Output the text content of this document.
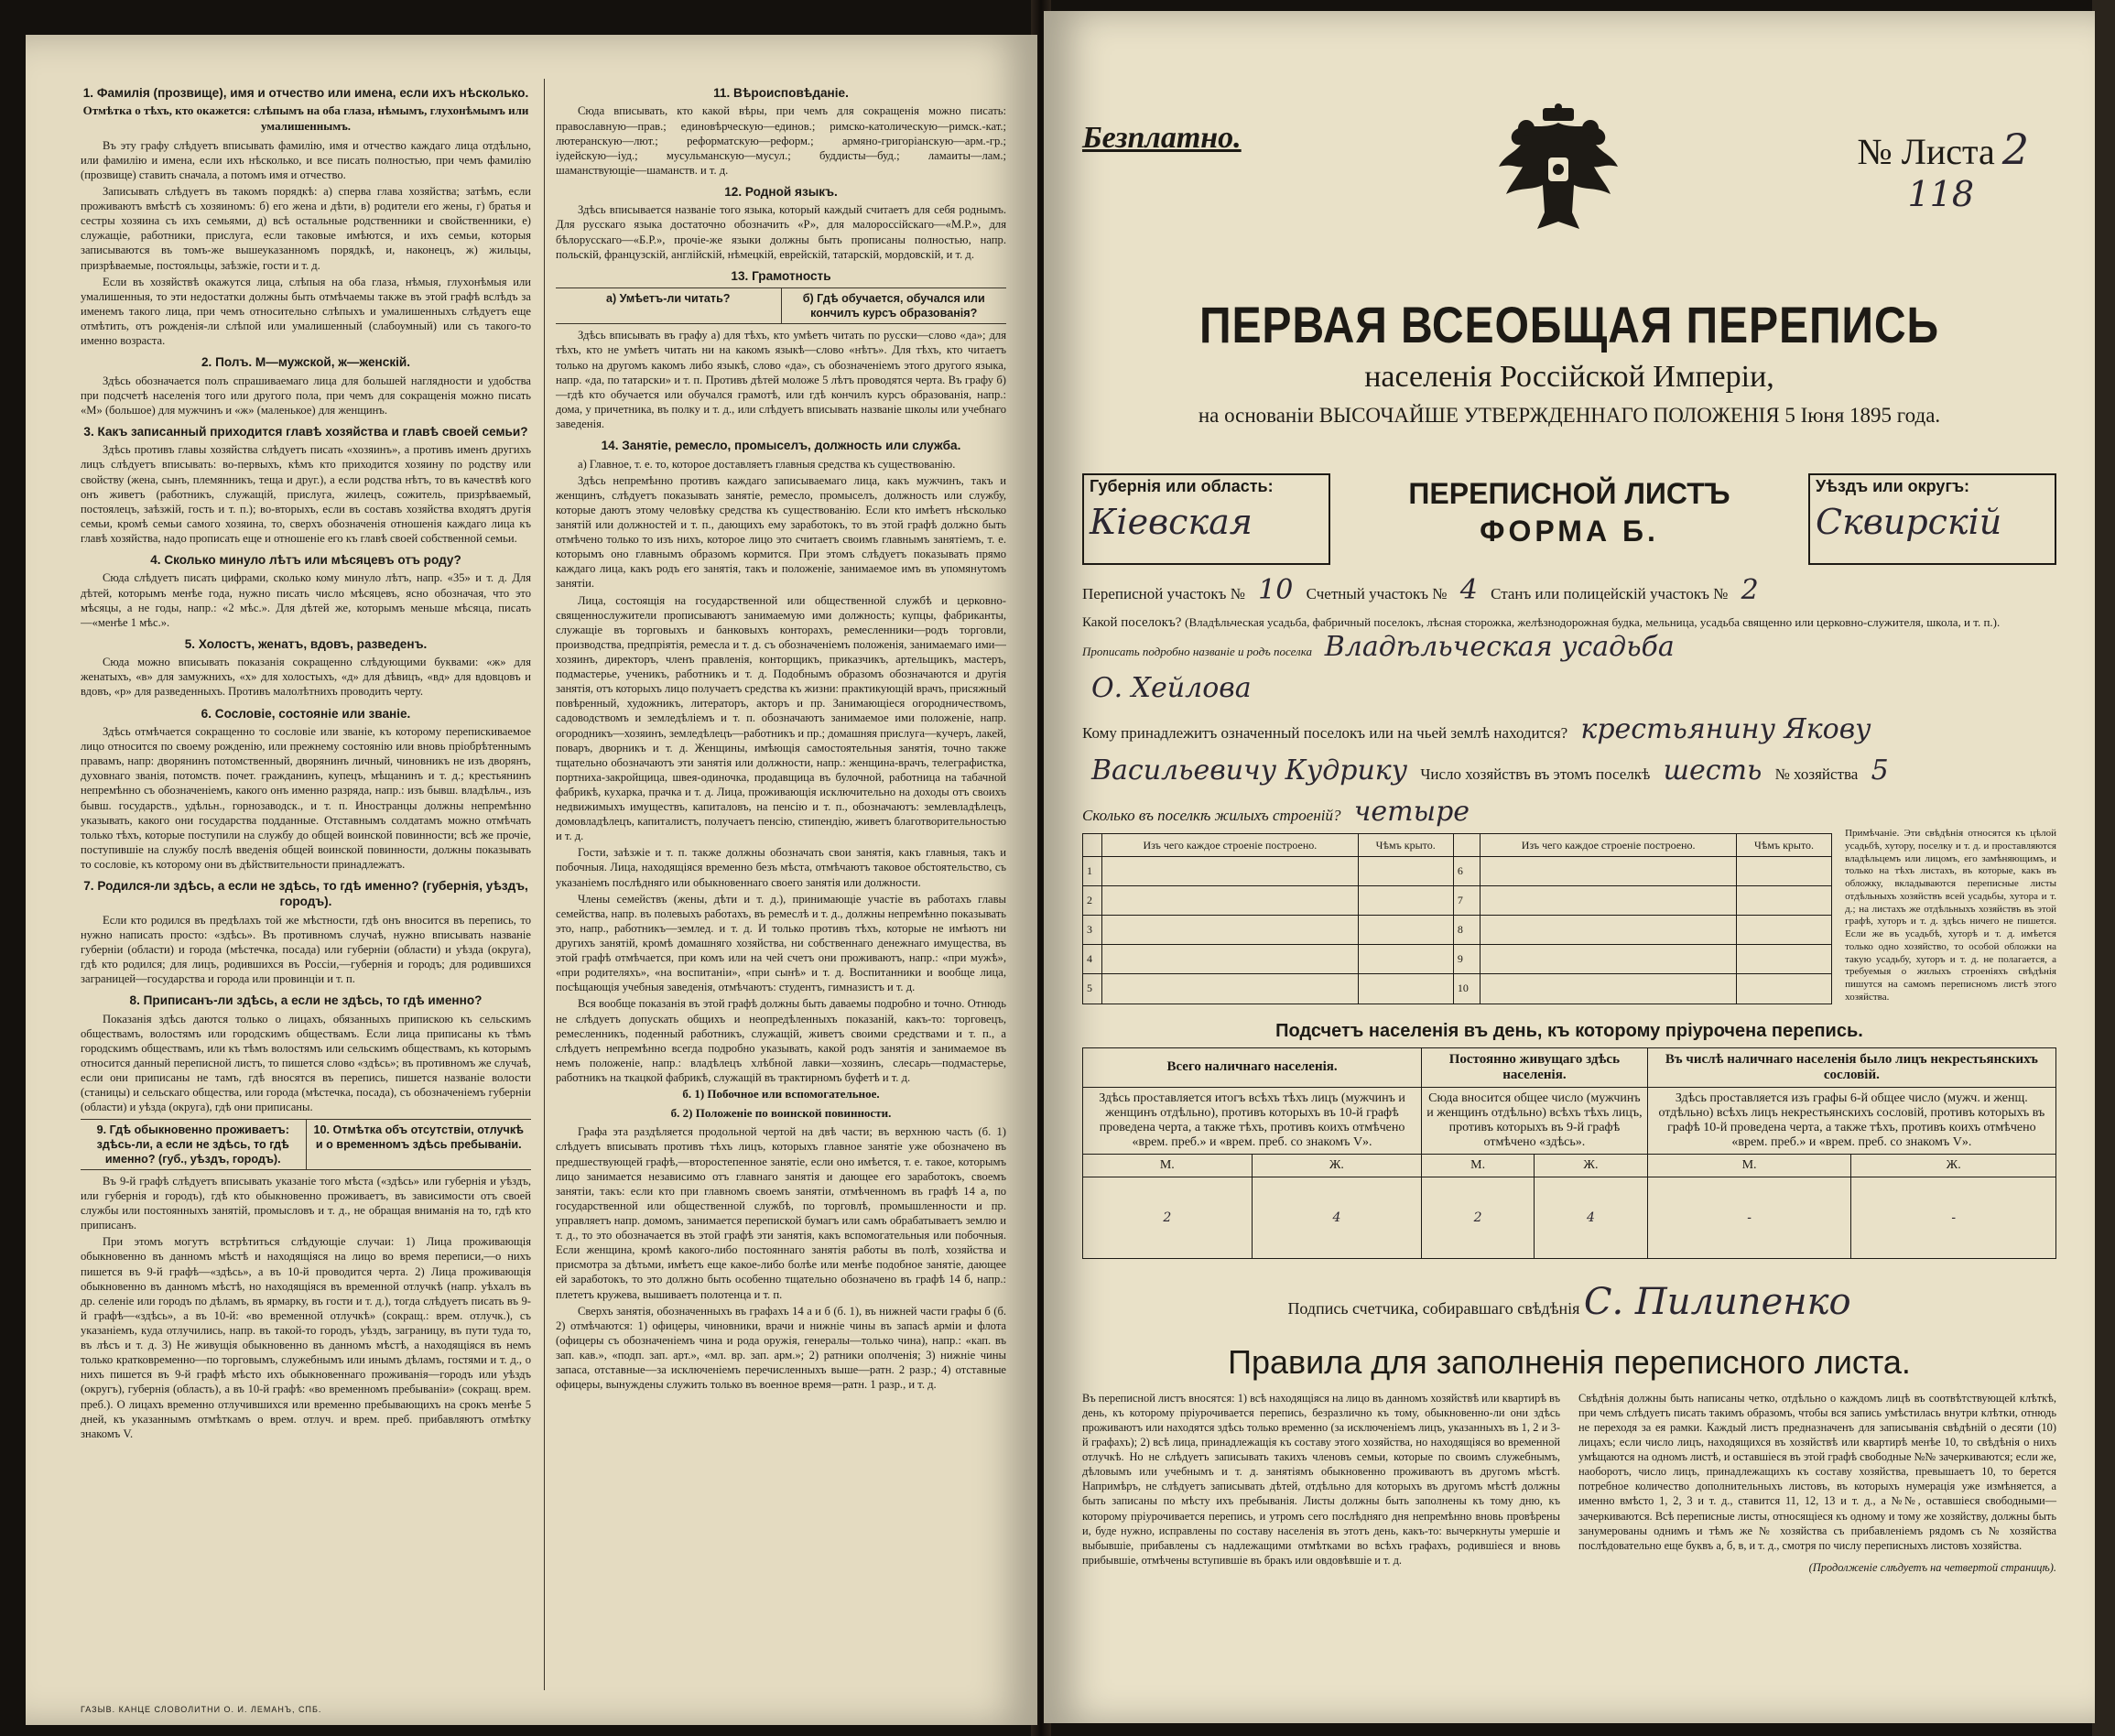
1. Фамилія (прозвище), имя и отчество или имена, если ихъ нѣсколько.
Отмѣтка о тѣхъ, кто окажется: слѣпымъ на оба глаза, нѣмымъ, глухонѣмымъ или умалишеннымъ.
Въ эту графу слѣдуетъ вписывать фамилію, имя и отчество каждаго лица отдѣльно, или фамилію и имена, если ихъ нѣсколько, и все писать полностью, при чемъ фамилію (прозвище) ставить сначала, а потомъ имя и отчество.
Записывать слѣдуетъ въ такомъ порядкѣ: а) сперва глава хозяйства; затѣмъ, если проживаютъ вмѣстѣ съ хозяиномъ: б) его жена и дѣти, в) родители его жены, г) братья и сестры хозяина съ ихъ семьями, д) всѣ остальные родственники и свойственники, е) служащіе, работники, прислуга, если таковые имѣются, и ихъ семьи, которыя записываются въ томъ-же вышеуказанномъ порядкѣ, и, наконецъ, ж) жильцы, призрѣваемые, постояльцы, заѣзжіе, гости и т. д.
Если въ хозяйствѣ окажутся лица, слѣпыя на оба глаза, нѣмыя, глухонѣмыя или умалишенныя, то эти недостатки должны быть отмѣчаемы также въ этой графѣ вслѣдъ за именемъ такого лица, при чемъ относительно слѣпыхъ и умалишенныхъ слѣдуетъ еще отмѣтить, отъ рожденія-ли слѣпой или умалишенный (слабоумный) или съ такого-то именно возраста.
2. Полъ. М—мужской, ж—женскій.
Здѣсь обозначается полъ спрашиваемаго лица для большей наглядности и удобства при подсчетѣ населенія того или другого пола, при чемъ для сокращенія можно писать «М» (большое) для мужчинъ и «ж» (маленькое) для женщинъ.
3. Какъ записанный приходится главѣ хозяйства и главѣ своей семьи?
Здѣсь противъ главы хозяйства слѣдуетъ писать «хозяинъ», а противъ именъ другихъ лицъ слѣдуетъ вписывать: во-первыхъ, кѣмъ кто приходится хозяину по родству или свойству (жена, сынъ, племянникъ, теща и друг.), а если родства нѣтъ, то въ качествѣ кого онъ живетъ (работникъ, служащій, прислуга, жилецъ, сожитель, призрѣваемый, постоялецъ, заѣзжій, гость и т. п.); во-вторыхъ, если въ составъ хозяйства входятъ другія семьи, кромѣ семьи самого хозяина, то, сверхъ обозначенія отношенія каждаго лица къ главѣ хозяйства, надо прописать еще и отношеніе его къ главѣ своей собственной семьи.
4. Сколько минуло лѣтъ или мѣсяцевъ отъ роду?
Сюда слѣдуетъ писать цифрами, сколько кому минуло лѣтъ, напр. «35» и т. д. Для дѣтей, которымъ менѣе года, нужно писать число мѣсяцевъ, ясно обозначая, что это мѣсяцы, а не годы, напр.: «2 мѣс.». Для дѣтей же, которымъ меньше мѣсяца, писать—«менѣе 1 мѣс.».
5. Холостъ, женатъ, вдовъ, разведенъ.
Сюда можно вписывать показанія сокращенно слѣдующими буквами: «ж» для женатыхъ, «в» для замужнихъ, «х» для холостыхъ, «д» для дѣвицъ, «вд» для вдовцовъ и вдовъ, «р» для разведенныхъ. Противъ малолѣтнихъ проводить черту.
6. Сословіе, состояніе или званіе.
Здѣсь отмѣчается сокращенно то сословіе или званіе, къ которому перепискиваемое лицо относится по своему рожденію, или прежнему состоянію или вновь пріобрѣтеннымъ правамъ, напр: дворянинъ потомственный, дворянинъ личный, чиновникъ не изъ дворянъ, духовнаго званія, потомств. почет. гражданинъ, купецъ, мѣщанинъ и т. д.; крестьянинъ непремѣнно съ обозначеніемъ, какого онъ именно разряда, напр.: изъ бывш. владѣльч., изъ бывш. государств., удѣльн., горнозаводск., и т. п. Иностранцы должны непремѣнно указывать, какого они государства подданные. Отставнымъ солдатамъ можно отмѣчать только тѣхъ, которые поступили на службу до общей воинской повинности; всѣ же прочіе, поступившіе на службу послѣ введенія общей воинской повинности, должны показывать то сословіе, къ которому они въ дѣйствительности принадлежатъ.
7. Родился-ли здѣсь, а если не здѣсь, то гдѣ именно? (губернія, уѣздъ, городъ).
Если кто родился въ предѣлахъ той же мѣстности, гдѣ онъ вносится въ перепись, то нужно написать просто: «здѣсь». Въ противномъ случаѣ, нужно вписывать названіе губерніи (области) и города (мѣстечка, посада) или губерніи (области) и уѣзда (округа), гдѣ кто родился; для лицъ, родившихся въ Россіи,—губернія и городъ; для родившихся заграницей—государства и города или провинціи и т. п.
8. Приписанъ-ли здѣсь, а если не здѣсь, то гдѣ именно?
Показанія здѣсь даются только о лицахъ, обязанныхъ припискою къ сельскимъ обществамъ, волостямъ или городскимъ обществамъ. Если лица приписаны къ тѣмъ городскимъ обществамъ, или къ тѣмъ волостямъ или сельскимъ обществамъ, къ которымъ относится данный переписной листъ, то пишется слово «здѣсь»; въ противномъ же случаѣ, если они приписаны не тамъ, гдѣ вносятся въ перепись, пишется названіе волости (станицы) и сельскаго общества, или города (мѣстечка, посада), съ обозначеніемъ губерніи (области) и уѣзда (округа), гдѣ они приписаны.
9. Гдѣ обыкновенно проживаетъ: здѣсь-ли, а если не здѣсь, то гдѣ именно? (губ., уѣздъ, городъ).
10. Отмѣтка объ отсутствіи, отлучкѣ и о временномъ здѣсь пребываніи.
Въ 9-й графѣ слѣдуетъ вписывать указаніе того мѣста («здѣсь» или губернія и уѣздъ, или губернія и городъ), гдѣ кто обыкновенно проживаетъ, въ зависимости отъ своей службы или постоянныхъ занятій, промысловъ и т. д., не обращая вниманія на то, гдѣ кто приписанъ.
При этомъ могутъ встрѣтиться слѣдующіе случаи: 1) Лица проживающія обыкновенно въ данномъ мѣстѣ и находящіяся на лицо во время переписи,—о нихъ пишется въ 9-й графѣ—«здѣсь», а въ 10-й проводится черта. 2) Лица проживающія обыкновенно въ данномъ мѣстѣ, но находящіяся въ временной отлучкѣ (напр. уѣхалъ въ др. селеніе или городъ по дѣламъ, въ ярмарку, въ гости и т. д.), тогда слѣдуетъ писать въ 9-й графѣ—«здѣсь», а въ 10-й: «во временной отлучкѣ» (сокращ.: врем. отлучк.), съ указаніемъ, куда отлучились, напр. въ такой-то городъ, уѣздъ, заграницу, въ пути туда то, въ лѣсъ и т. д. 3) Не живущія обыкновенно въ данномъ мѣстѣ, а находящіяся въ немъ только кратковременно—по торговымъ, служебнымъ или инымъ дѣламъ, гостями и т. д., о нихъ пишется въ 9-й графѣ мѣсто ихъ обыкновеннаго проживанія—городъ или уѣздъ (округъ), губернія (область), а въ 10-й графѣ: «во временномъ пребываніи» (сокращ. врем. преб.). О лицахъ временно отлучившихся или временно пребывающихъ на срокъ менѣе 5 дней, къ указаннымъ отмѣткамъ о врем. отлуч. и врем. преб. прибавляютъ отмѣтку знакомъ V.
11. Вѣроисповѣданіе.
Сюда вписывать, кто какой вѣры, при чемъ для сокращенія можно писать: православную—прав.; единовѣрческую—единов.; римско-католическую—римск.-кат.; лютеранскую—лют.; реформатскую—реформ.; армяно-григоріанскую—арм.-гр.; іудейскую—іуд.; мусульманскую—мусул.; буддисты—буд.; ламаиты—лам.; шаманствующіе—шаманств. и т. д.
12. Родной языкъ.
Здѣсь вписывается названіе того языка, который каждый считаетъ для себя роднымъ. Для русскаго языка достаточно обозначить «Р», для малороссійскаго—«М.Р.», для бѣлорусскаго—«Б.Р.», прочіе-же языки должны быть прописаны полностью, напр. польскій, французскій, англійскій, нѣмецкій, еврейскій, татарскій, мордовскій, и т. д.
13. Грамотность
а) Умѣетъ-ли читать?	б) Гдѣ обучается, обучался или кончилъ курсъ образованія?
Здѣсь вписывать въ графу а) для тѣхъ, кто умѣетъ читать по русски—слово «да»; для тѣхъ, кто не умѣетъ читать ни на какомъ языкѣ—слово «нѣтъ». Для тѣхъ, кто читаетъ только на другомъ какомъ либо языкѣ, слово «да», съ обозначеніемъ этого другого языка, напр. «да, по татарски» и т. п. Противъ дѣтей моложе 5 лѣтъ проводятся черта. Въ графу б)—гдѣ кто обучается или обучался грамотѣ, или гдѣ кончилъ курсъ образованія, напр.: дома, у причетника, въ полку и т. д., или слѣдуетъ вписывать названіе школы или учебнаго заведенія.
14. Занятіе, ремесло, промыселъ, должность или служба.
а) Главное, т. е. то, которое доставляетъ главныя средства къ существованію.
Здѣсь непремѣнно противъ каждаго записываемаго лица, какъ мужчинъ, такъ и женщинъ, слѣдуетъ показывать занятіе, ремесло, промыселъ, должность или службу, которые даютъ этому человѣку средства къ существованію. Если кто имѣетъ нѣсколько занятій или должностей и т. п., дающихъ ему заработокъ, то въ этой графѣ должно быть отмѣчено только то изъ нихъ, которое лицо это считаетъ своимъ главнымъ занятіемъ, т. е. которымъ оно главнымъ образомъ кормится. При этомъ слѣдуетъ показывать прямо каждаго лица, какъ родъ его занятія, такъ и положеніе, занимаемое имъ въ упомянутомъ занятіи.
Лица, состоящія на государственной или общественной службѣ и церковно-священнослужители прописываютъ занимаемую ими должность; купцы, фабриканты, служащіе въ торговыхъ и банковыхъ конторахъ, ремесленники—родъ торговли, производства, предпріятія, ремесла и т. д. съ обозначеніемъ положенія, занимаемаго ими—хозяинъ, директоръ, членъ правленія, конторщикъ, приказчикъ, артельщикъ, мастеръ, подмастерье, ученикъ, работникъ и т. д. Подобнымъ образомъ обозначаются и другія занятія, отъ которыхъ лицо получаетъ средства къ жизни: практикующій врачъ, присяжный повѣренный, художникъ, литераторъ, акторъ и пр. Занимающіеся огородничествомъ, садоводствомъ и земледѣліемъ и т. п. обозначаютъ занимаемое ими положеніе, напр. огородникъ—хозяинъ, земледѣлецъ—работникъ и пр.; домашняя прислуга—кучеръ, лакей, поваръ, дворникъ и т. д. Женщины, имѣющія самостоятельныя занятія, точно также тщательно обозначаютъ эти занятія или должности, напр.: женщина-врачъ, телеграфистка, портниха-закройщица, швея-одиночка, продавщица въ булочной, работница на табачной фабрикѣ, кухарка, прачка и т. д. Лица, проживающія исключительно на доходы отъ своихъ недвижимыхъ имуществъ, капиталовъ, на пенсію и т. п., обозначаютъ: землевладѣлецъ, домовладѣлецъ, капиталистъ, получаетъ пенсію, стипендію, живетъ благотворительностью и т. д.
Гости, заѣзжіе и т. п. также должны обозначать свои занятія, какъ главныя, такъ и побочныя. Лица, находящіяся временно безъ мѣста, отмѣчаютъ таковое обстоятельство, съ указаніемъ послѣдняго или обыкновеннаго своего занятія или должности.
Члены семействъ (жены, дѣти и т. д.), принимающіе участіе въ работахъ главы семейства, напр. въ полевыхъ работахъ, въ ремеслѣ и т. д., должны непремѣнно показывать это, напр., работникъ—землед. и т. д. И только противъ тѣхъ, которые не имѣютъ ни другихъ занятій, кромѣ домашняго хозяйства, ни собственнаго денежнаго имущества, въ этой графѣ отмѣчается, при комъ или на чей счетъ они проживаютъ, напр.: «при мужѣ», «при родителяхъ», «на воспитаніи», «при сынѣ» и т. д. Воспитанники и вообще лица, посѣщающія учебныя заведенія, отмѣчаютъ: студентъ, гимназистъ и т. д.
Вся вообще показанія въ этой графѣ должны быть даваемы подробно и точно. Отнюдь не слѣдуетъ допускать общихъ и неопредѣленныхъ показаній, какъ-то: торговецъ, ремесленникъ, поденный работникъ, служащій, живетъ своими средствами и т. п., а слѣдуетъ непремѣнно всегда подробно указывать, какой родъ занятія и занимаемое въ немъ положеніе, напр.: владѣлецъ хлѣбной лавки—хозяинъ, слесарь—подмастерье, работникъ на ткацкой фабрикѣ, служащій въ трактирномъ буфетѣ и т. д.
б. 1) Побочное или вспомогательное.
б. 2) Положеніе по воинской повинности.
Графа эта раздѣляется продольной чертой на двѣ части; въ верхнюю часть (б. 1) слѣдуетъ вписывать противъ тѣхъ лицъ, которыхъ главное занятіе уже обозначено въ предшествующей графѣ,—второстепенное занятіе, если оно имѣется, т. е. такое, которымъ лицо занимается независимо отъ главнаго занятія и дающее его заработокъ, своемъ занятіи, такъ: если кто при главномъ своемъ занятіи, отмѣченномъ въ графѣ 14 а, по государственной или общественной службѣ, по торговлѣ, промышленности и пр. управляетъ напр. домомъ, занимается перепиской бумагъ или самъ обрабатываетъ землю и т. д., то это обозначается въ этой графѣ эти занятія, какъ вспомогательныя или побочныя. Если женщина, кромѣ какого-либо постояннаго занятія работы въ полѣ, хозяйства и присмотра за дѣтьми, имѣетъ еще какое-либо болѣе или менѣе подобное занятіе, дающее ей заработокъ, то это должно быть особенно тщательно обозначено въ графѣ 14 б, напр.: плететъ кружева, вышиваетъ полотенца и т. п.
Сверхъ занятія, обозначенныхъ въ графахъ 14 а и б (б. 1), въ нижней части графы б (б. 2) отмѣчаются: 1) офицеры, чиновники, врачи и нижніе чины въ запасѣ армiи и флота (офицеры съ обозначеніемъ чина и рода оружія, генералы—только чина), напр.: «кап. въ зап. кав.», «подп. зап. арт.», «мл. вр. зап. арм.»; 2) ратники ополченія; 3) нижніе чины запаса, отставные—за исключеніемъ перечисленныхъ выше—ратн. 2 разр.; 4) отставные офицеры, вынуждены служить только въ военное время—ратн. 1 разр., и т. д.
ГАЗЫВ. КАНЦЕ СЛОВОЛИТНИ О. И. ЛЕМАНЪ, СПБ.
Безплатно.	№ Листа 2
118
ПЕРВАЯ ВСЕОБЩАЯ ПЕРЕПИСЬ
населенія Россійской Имперіи,
на основаніи ВЫСОЧАЙШЕ УТВЕРЖДЕННАГО ПОЛОЖЕНІЯ 5 Іюня 1895 года.
Губернія или область:
Кіевская
ПЕРЕПИСНОЙ ЛИСТЪ
ФОРМА Б.
Уѣздъ или округъ:
Сквирскій
Переписной участокъ № 10 Счетный участокъ № 4 Станъ или полицейскій участокъ № 2
Какой поселокъ? (Владѣльческая усадьба, фабричный поселокъ, лѣсная сторожка, желѣзнодорожная будка, мельница, усадьба священно или церковно-служителя, школа, и т. п.). Прописать подробно названіе и родъ поселка Владѣльческая усадьба
О. Хейлова
Кому принадлежитъ означенный поселокъ или на чьей землѣ находится? крестьянину Якову
Васильевичу Кудрику Число хозяйствъ въ этомъ поселкѣ шесть № хозяйства 5
Сколько въ поселкѣ жилыхъ строеній? четыре
	Изъ чего каждое строеніе построено.	Чѣмъ крыто.		Изъ чего каждое строеніе построено.	Чѣмъ крыто.
1			6		
2			7		
3			8		
4			9		
5			10		
Примѣчаніе. Эти свѣдѣнія относятся къ цѣлой усадьбѣ, хутору, поселку и т. д. и проставляются владѣльцемъ или лицомъ, его замѣняющимъ, и только на тѣхъ листахъ, въ которые, какъ въ обложку, вкладываются переписные листы отдѣльныхъ хозяйствъ всей усадьбы, хутора и т. д.; на листахъ же отдѣльныхъ хозяйствъ въ этой графѣ, хуторъ и т. д. здѣсь ничего не пишется. Если же въ усадьбѣ, хуторѣ и т. д. имѣется только одно хозяйство, то особой обложки на такую усадьбу, хуторъ и т. д. не полагается, а требуемыя о жилыхъ строеніяхъ свѣдѣнія пишутся на самомъ переписномъ листѣ этого хозяйства.
Подсчетъ населенія въ день, къ которому пріурочена перепись.
Всего наличнаго населенія.		Постоянно живущаго здѣсь населенія.		Въ числѣ наличнаго населенія было лицъ некрестьянскихъ сословій.	
Здѣсь проставляется итогъ всѣхъ тѣхъ лицъ (мужчинъ и женщинъ отдѣльно), противъ которыхъ въ 10-й графѣ проведена черта, а также тѣхъ, противъ коихъ отмѣчено «врем. преб.» и «врем. преб. со знакомъ V».		Сюда вносится общее число (мужчинъ и женщинъ отдѣльно) всѣхъ тѣхъ лицъ, противъ которыхъ въ 9-й графѣ отмѣчено «здѣсь».		Здѣсь проставляется изъ графы 6-й общее число (мужч. и женщ. отдѣльно) всѣхъ лицъ некрестьянскихъ сословій, противъ которыхъ въ графѣ 10-й проведена черта, а также тѣхъ, противъ коихъ отмѣчено «врем. преб.» и «врем. преб. со знакомъ V».	
М.	Ж.	М.	Ж.	М.	Ж.
2	4	2	4	-	-
Подпись счетчика, собиравшаго свѣдѣнія С. Пилипенко
Правила для заполненія переписного листа.
Въ переписной листъ вносятся: 1) всѣ находящіяся на лицо въ данномъ хозяйствѣ или квартирѣ въ день, къ которому пріурочивается перепись, безразлично къ тому, обыкновенно-ли они здѣсь проживаютъ или находятся здѣсь только временно (за исключеніемъ лицъ, указанныхъ въ 1, 2 и 3-й графахъ); 2) всѣ лица, принадлежащія къ составу этого хозяйства, но находящіяся во временной отлучкѣ. Но не слѣдуетъ записывать такихъ членовъ семьи, которые по своимъ служебнымъ, дѣловымъ или учебнымъ и т. д. занятіямъ обыкновенно проживаютъ въ другомъ мѣстѣ. Напримѣръ, не слѣдуетъ записывать дѣтей, отдѣльно для которыхъ въ другомъ мѣстѣ должны быть записаны по мѣсту ихъ пребыванія. Листы должны быть заполнены къ тому дню, къ которому пріурочивается перепись, и утромъ сего послѣдняго дня непремѣнно вновь провѣрены и, буде нужно, исправлены по составу населенія въ этотъ день, какъ-то: вычеркнуты умершіе и выбывшіе, прибавлены съ надлежащими отмѣтками во всѣхъ графахъ, родившіеся и вновь прибывшіе, отмѣчены вступившіе въ бракъ или овдовѣвшіе и т. д.
Свѣдѣнія должны быть написаны четко, отдѣльно о каждомъ лицѣ въ соотвѣтствующей клѣткѣ, при чемъ слѣдуетъ писать такимъ образомъ, чтобы вся запись умѣстилась внутри клѣтки, отнюдь не переходя за ея рамки. Каждый листъ предназначенъ для записыванія свѣдѣній о десяти (10) лицахъ; если число лицъ, находящихся въ хозяйствѣ или квартирѣ менѣе 10, то свѣдѣнія о нихъ умѣщаются на одномъ листѣ, и оставшіеся въ этой графѣ свободные №№ зачеркиваются; если же, наоборотъ, число лицъ, принадлежащихъ къ составу хозяйства, превышаетъ 10, то берется потребное количество дополнительныхъ листовъ, въ которыхъ нумерація уже измѣняется, а именно вмѣсто 1, 2, 3 и т. д., ставится 11, 12, 13 и т. д., а №№, оставшіеся свободными—зачеркиваются. Всѣ переписные листы, относящіеся къ одному и тому же хозяйству, должны быть занумерованы однимъ и тѣмъ же № хозяйства съ прибавленіемъ рядомъ съ № хозяйства послѣдовательно еще буквъ а, б, в, и т. д., смотря по числу переписныхъ листовъ хозяйства.
(Продолженіе слѣдуетъ на четвертой страницѣ).
